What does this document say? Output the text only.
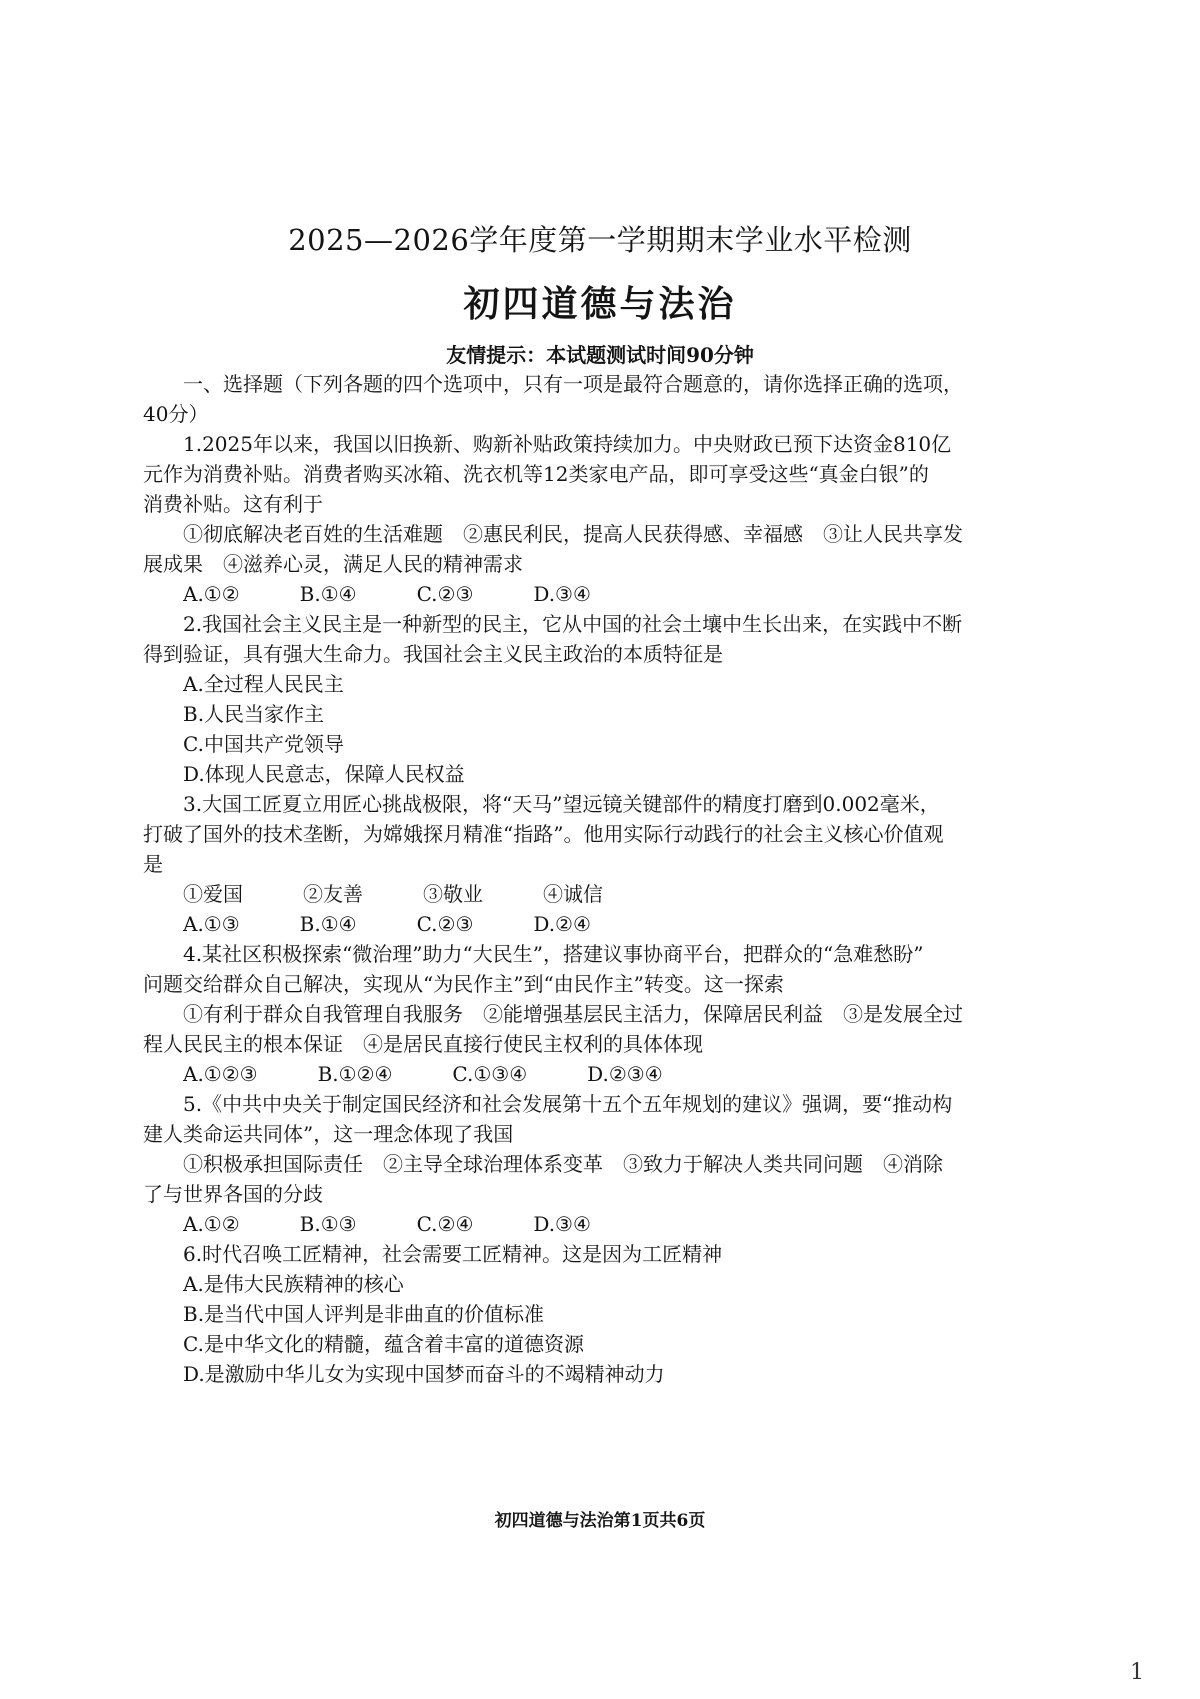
2025—2026学年度第一学期期末学业水平检测
初四道德与法治
友情提示：本试题测试时间90分钟
一、选择题（下列各题的四个选项中，只有一项是最符合题意的，请你选择正确的选项，
40分）
1.2025年以来，我国以旧换新、购新补贴政策持续加力。中央财政已预下达资金810亿
元作为消费补贴。消费者购买冰箱、洗衣机等12类家电产品，即可享受这些“真金白银”的
消费补贴。这有利于
①彻底解决老百姓的生活难题　②惠民利民，提高人民获得感、幸福感　③让人民共享发
展成果　④滋养心灵，满足人民的精神需求
A.①②　　　B.①④　　　C.②③　　　D.③④
2.我国社会主义民主是一种新型的民主，它从中国的社会土壤中生长出来，在实践中不断
得到验证，具有强大生命力。我国社会主义民主政治的本质特征是
A.全过程人民民主
B.人民当家作主
C.中国共产党领导
D.体现人民意志，保障人民权益
3.大国工匠夏立用匠心挑战极限，将“天马”望远镜关键部件的精度打磨到0.002毫米，
打破了国外的技术垄断，为嫦娥探月精准“指路”。他用实际行动践行的社会主义核心价值观
是
①爱国　　　②友善　　　③敬业　　　④诚信
A.①③　　　B.①④　　　C.②③　　　D.②④
4.某社区积极探索“微治理”助力“大民生”，搭建议事协商平台，把群众的“急难愁盼”
问题交给群众自己解决，实现从“为民作主”到“由民作主”转变。这一探索
①有利于群众自我管理自我服务　②能增强基层民主活力，保障居民利益　③是发展全过
程人民民主的根本保证　④是居民直接行使民主权利的具体体现
A.①②③　　　B.①②④　　　C.①③④　　　D.②③④
5.《中共中央关于制定国民经济和社会发展第十五个五年规划的建议》强调，要“推动构
建人类命运共同体”，这一理念体现了我国
①积极承担国际责任　②主导全球治理体系变革　③致力于解决人类共同问题　④消除
了与世界各国的分歧
A.①②　　　B.①③　　　C.②④　　　D.③④
6.时代召唤工匠精神，社会需要工匠精神。这是因为工匠精神
A.是伟大民族精神的核心
B.是当代中国人评判是非曲直的价值标准
C.是中华文化的精髓，蕴含着丰富的道德资源
D.是激励中华儿女为实现中国梦而奋斗的不竭精神动力
初四道德与法治第1页共6页
1
